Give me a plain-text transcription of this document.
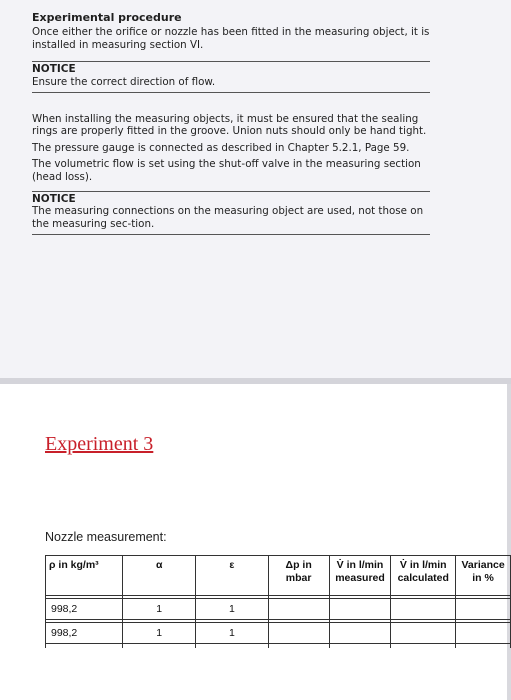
Experimental procedure

Once either the orifice or nozzle has been fitted in the measuring object, it is installed in measuring section VI.

NOTICE
Ensure the correct direction of flow.

When installing the measuring objects, it must be ensured that the sealing rings are properly fitted in the groove. Union nuts should only be hand tight.

The pressure gauge is connected as described in Chapter 5.2.1, Page 59.

The volumetric flow is set using the shut-off valve in the measuring section (head loss).

NOTICE
The measuring connections on the measuring object are used, not those on the measuring sec-tion.
Experiment 3
Nozzle measurement:
ρ in kg/m³	α	ε	Δp in mbar	V̇ in l/min measured	V̇ in l/min calculated	Variance in %

998,2	1	1				

998,2	1	1				
